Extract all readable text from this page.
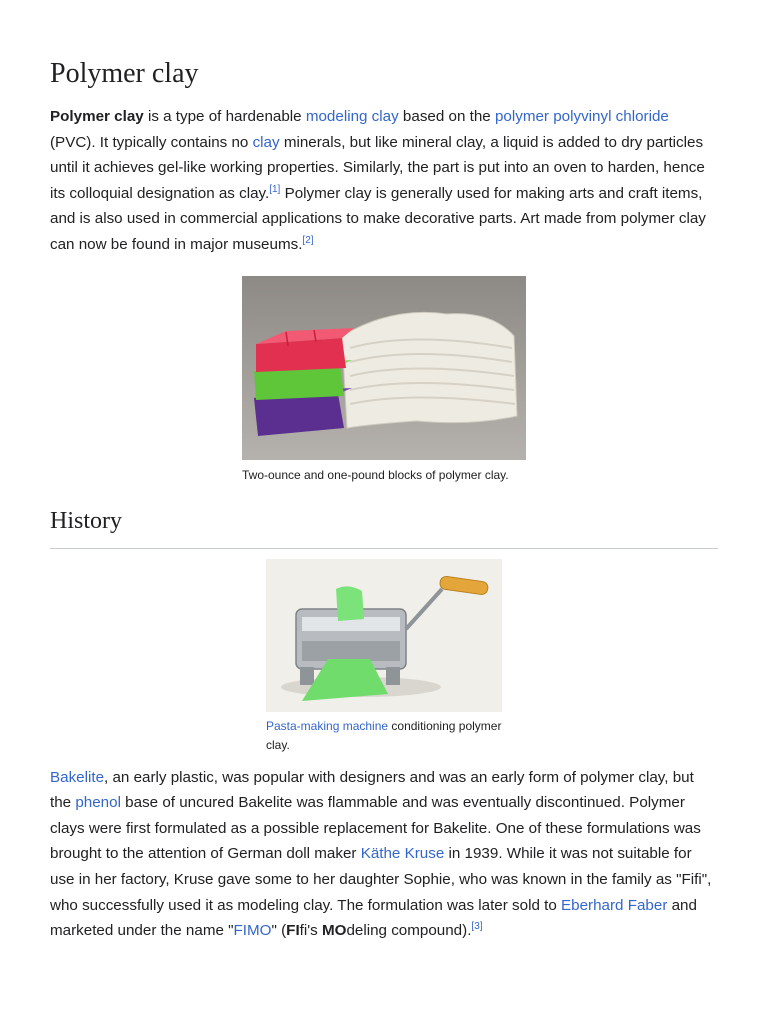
Polymer clay

Polymer clay is a type of hardenable modeling clay based on the polymer polyvinyl chloride (PVC). It typically contains no clay minerals, but like mineral clay, a liquid is added to dry particles until it achieves gel-like working properties. Similarly, the part is put into an oven to harden, hence its colloquial designation as clay.[1] Polymer clay is generally used for making arts and craft items, and is also used in commercial applications to make decorative parts. Art made from polymer clay can now be found in major museums.[2]

Two-ounce and one-pound blocks of polymer clay.
History
Pasta-making machine conditioning polymer clay.

Bakelite, an early plastic, was popular with designers and was an early form of polymer clay, but the phenol base of uncured Bakelite was flammable and was eventually discontinued. Polymer clays were first formulated as a possible replacement for Bakelite. One of these formulations was brought to the attention of German doll maker Käthe Kruse in 1939. While it was not suitable for use in her factory, Kruse gave some to her daughter Sophie, who was known in the family as "Fifi", who successfully used it as modeling clay. The formulation was later sold to Eberhard Faber and marketed under the name "FIMO" (FIfi's MOdeling compound).[3]
